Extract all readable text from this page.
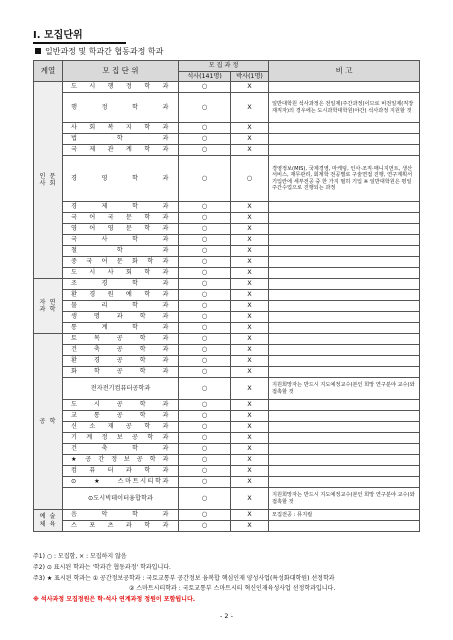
Ⅰ. 모집단위
일반과정 및 학과간 협동과정 학과
계열	모 집 단 위	모 집 과 정		비 고
		석사(141명)	박사(1명)	
인 문
사 회	도 시 행 정 학 과	○	X	
	행 정 학 과	○	X	일반대학원 석사과정은 전일제(주간과정)이므로 비전일제(직장 재직자)의 경우에는 도시과학대학원(야간) 석사과정 지원할 것
	사 회 복 지 학 과	○	X	
	법 학 과	○	X	
	국 제 관 계 학 과	○	X	
	경 영 학 과	○	○	경영정보(MIS), 국제경영, 마케팅, 인사·조직·매니지먼트, 생산서비스, 재무관리, 회계학 전공별로 구술면접 진행, 연구계획서 기입란에 세부전공 중 한 가지 필히 기입 ※ 일반대학원은 평일 주간수업으로 진행되는 과정
	경 제 학 과	○	X	
	국 어 국 문 학 과	○	X	
	영 어 영 문 학 과	○	X	
	국 사 학 과	○	X	
	철 학 과	○	X	
	중 국 어 문 화 학 과	○	X	
	도 시 사 회 학 과	○	X	
자 연
과 학	조 경 학 과	○	X	
	환 경 원 예 학 과	○	X	
	물 리 학 과	○	X	
	생 명 과 학 과	○	X	
	통 계 학 과	○	X	
공 학	토 목 공 학 과	○	X	
	건 축 공 학 과	○	X	
	환 경 공 학 과	○	X	
	화 학 공 학 과	○	X	
	전자전기컴퓨터공학과	○	X	지원희망자는 반드시 지도예정교수(본인 희망 연구분야 교수)와 접촉할 것
	도 시 공 학 과	○	X	
	교 통 공 학 과	○	X	
	신 소 재 공 학 과	○	X	
	기 계 정 보 공 학 과	○	X	
	건 축 학 과	○	X	
	★ 공 간 정 보 공 학 과	○	X	
	컴 퓨 터 과 학 과	○	X	
	⊙★스마트시티학과	○	X	
	⊙도시빅데이터융합학과	○	X	지원희망자는 반드시 지도예정교수(본인 희망 연구분야 교수)와 접촉할 것
예 술
체 육	음 악 학 과	○	X	모집전공 : 뮤지컬
	스 포 츠 과 학 과	○	X	
주1) ○ : 모집함, × : 모집하지 않음
주2) ⊙ 표시된 학과는 '학과간 협동과정' 학과입니다.
주3) ★ 표시된 학과는 ① 공간정보공학과 : 국토교통부 공간정보 융복합 핵심인재 양성사업(특성화대학원) 선정학과
② 스마트시티학과 : 국토교통부 스마트시티 혁신인재육성사업 선정학과입니다.
※ 석사과정 모집정원은 학·석사 연계과정 정원이 포함됩니다.
- 2 -
